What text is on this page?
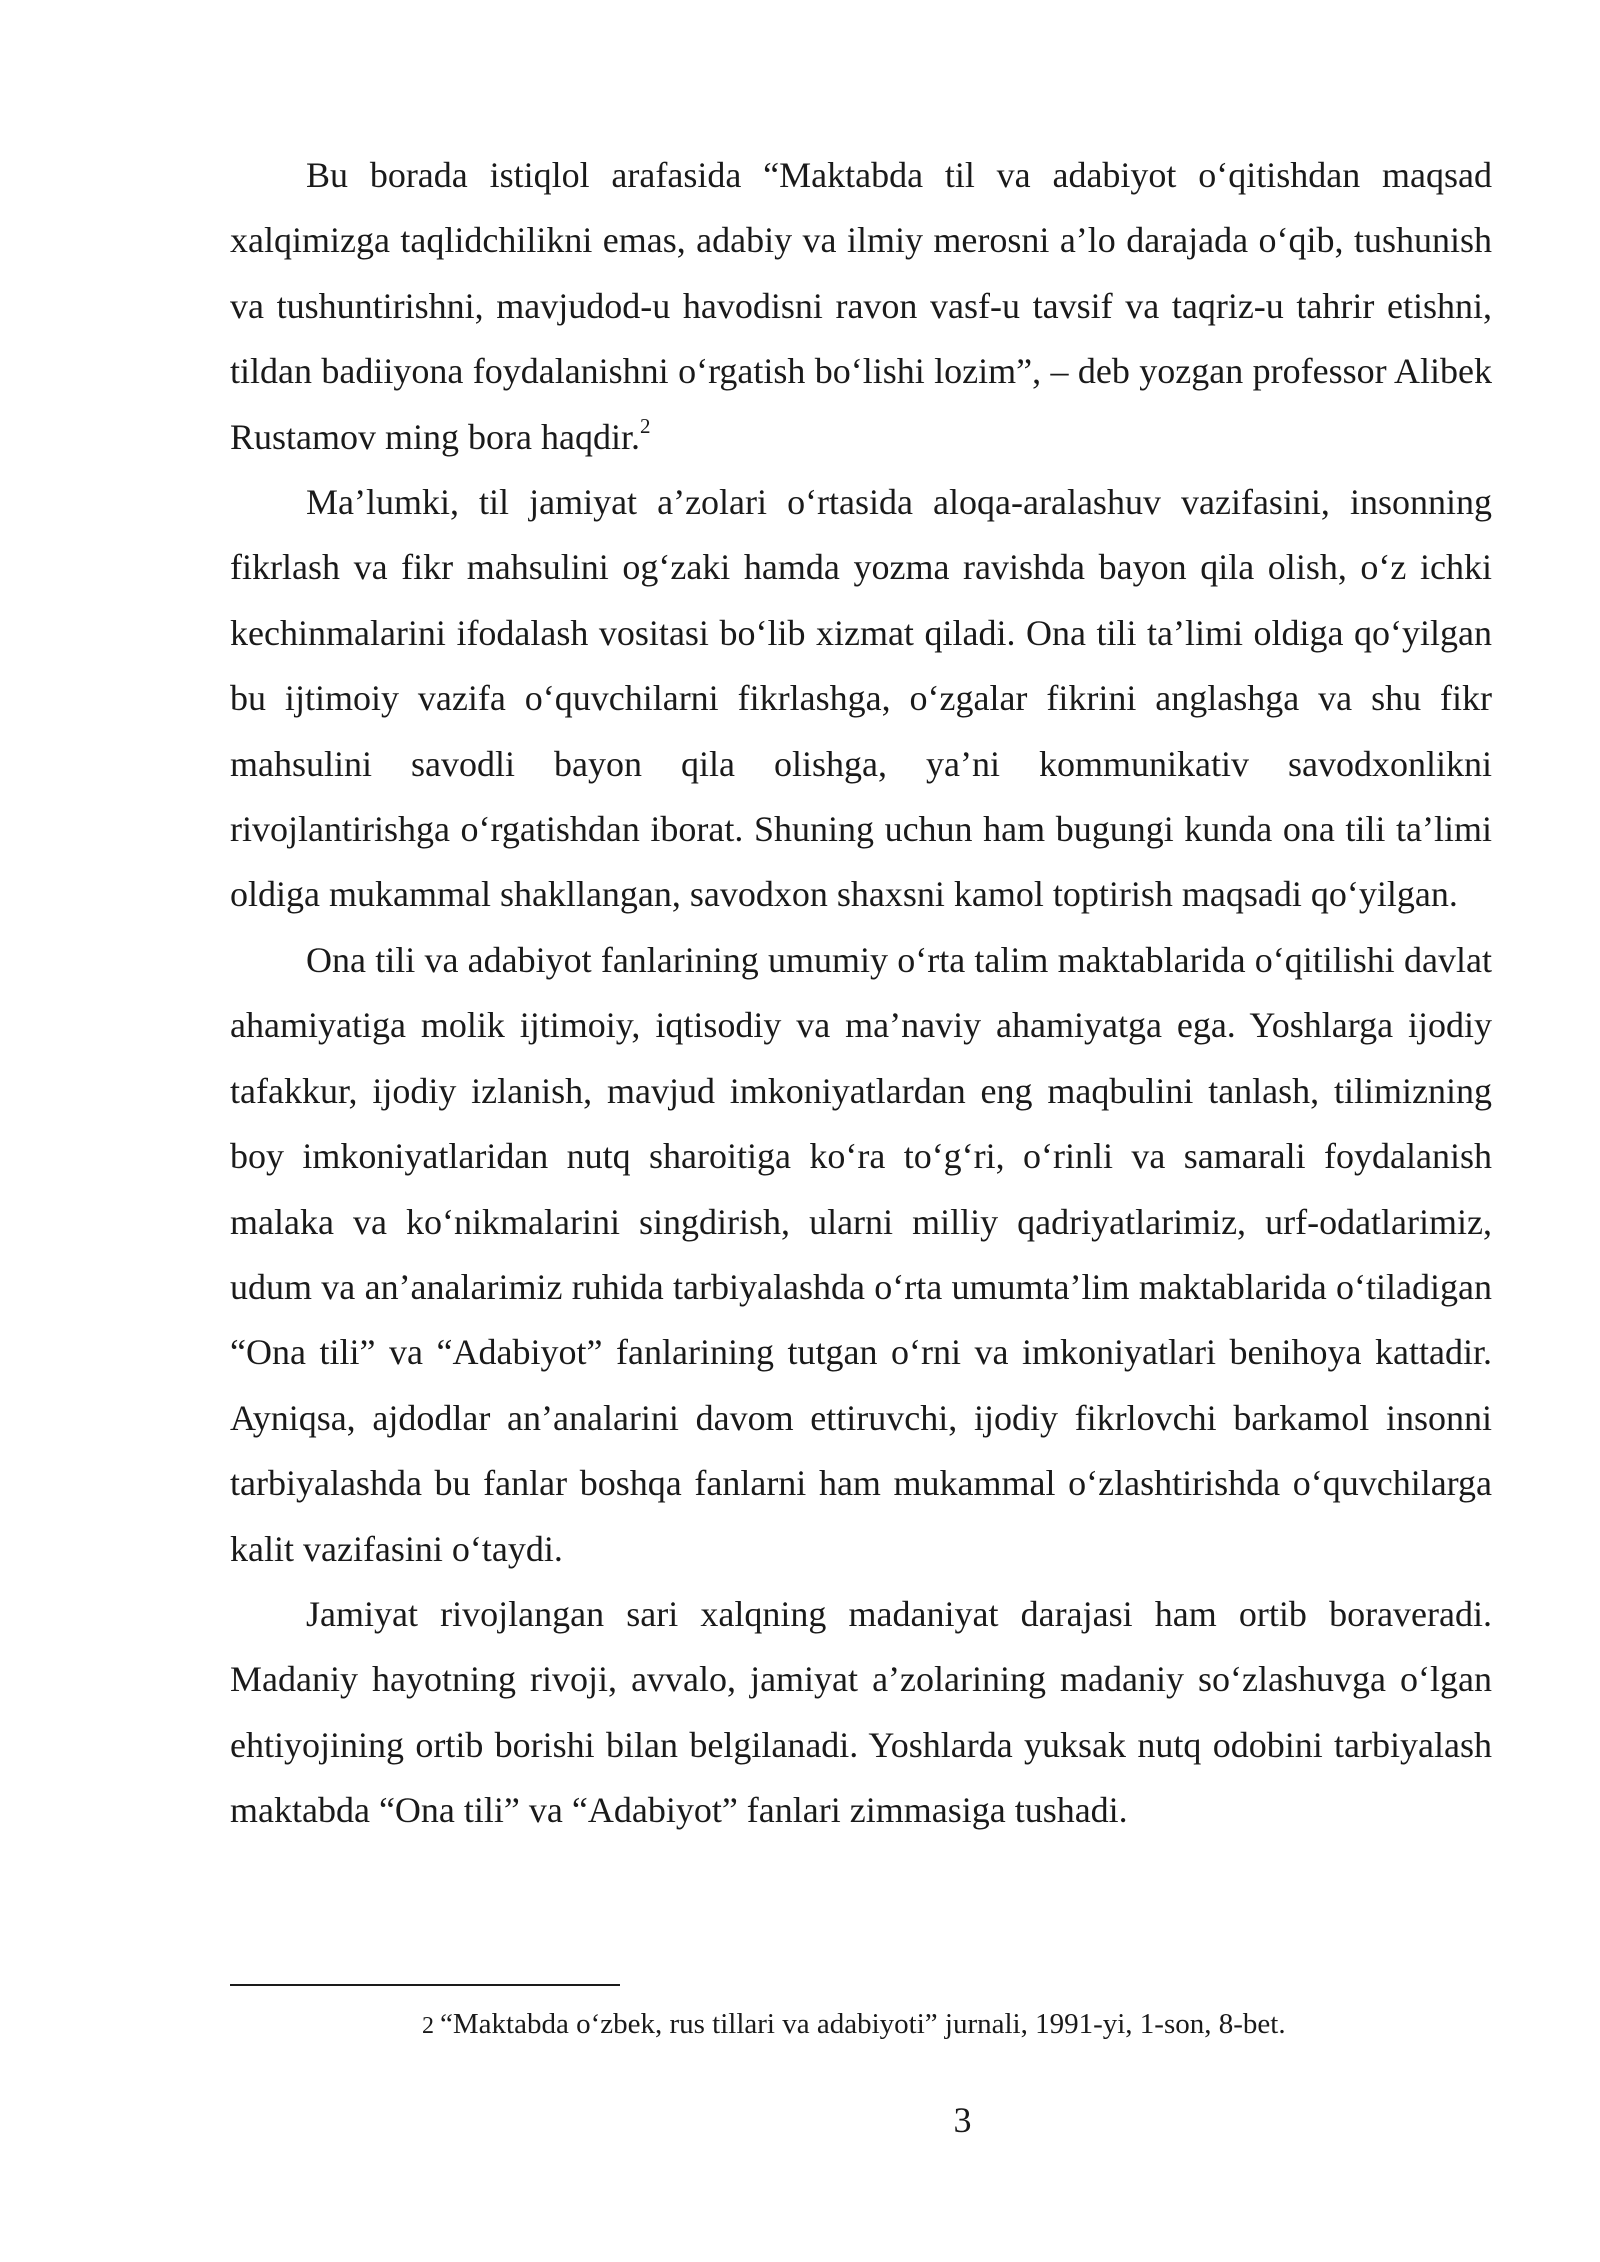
Bu borada istiqlol arafasida “Maktabda til va adabiyot o‘qitishdan maqsad xalqimizga taqlidchilikni emas, adabiy va ilmiy merosni a’lo darajada o‘qib, tushunish va tushuntirishni, mavjudod-u havodisni ravon vasf-u tavsif va taqriz-u tahrir etishni, tildan badiiyona foydalanishni o‘rgatish bo‘lishi lozim”, – deb yozgan professor Alibek Rustamov ming bora haqdir.$^2$

Ma’lumki, til jamiyat a’zolari o‘rtasida aloqa-aralashuv vazifasini, insonning fikrlash va fikr mahsulini og‘zaki hamda yozma ravishda bayon qila olish, o‘z ichki kechinmalarini ifodalash vositasi bo‘lib xizmat qiladi. Ona tili ta’limi oldiga qo‘yilgan bu ijtimoiy vazifa o‘quvchilarni fikrlashga, o‘zgalar fikrini anglashga va shu fikr mahsulini savodli bayon qila olishga, ya’ni kommunikativ savodxonlikni rivojlantirishga o‘rgatishdan iborat. Shuning uchun ham bugungi kunda ona tili ta’limi oldiga mukammal shakllangan, savodxon shaxsni kamol toptirish maqsadi qo‘yilgan.

Ona tili va adabiyot fanlarining umumiy o‘rta talim maktablarida o‘qitilishi davlat ahamiyatiga molik ijtimoiy, iqtisodiy va ma’naviy ahamiyatga ega. Yoshlarga ijodiy tafakkur, ijodiy izlanish, mavjud imkoniyatlardan eng maqbulini tanlash, tilimizning boy imkoniyatlaridan nutq sharoitiga ko‘ra to‘g‘ri, o‘rinli va samarali foydalanish malaka va ko‘nikmalarini singdirish, ularni milliy qadriyatlarimiz, urf-odatlarimiz, udum va an’analarimiz ruhida tarbiyalashda o‘rta umumta’lim maktablarida o‘tiladigan “Ona tili” va “Adabiyot” fanlarining tutgan o‘rni va imkoniyatlari benihoya kattadir. Ayniqsa, ajdodlar an’analarini davom ettiruvchi, ijodiy fikrlovchi barkamol insonni tarbiyalashda bu fanlar boshqa fanlarni ham mukammal o‘zlashtirishda o‘quvchilarga kalit vazifasini o‘taydi.

Jamiyat rivojlangan sari xalqning madaniyat darajasi ham ortib boraveradi. Madaniy hayotning rivoji, avvalo, jamiyat a’zolarining madaniy so‘zlashuvga o‘lgan ehtiyojining ortib borishi bilan belgilanadi. Yoshlarda yuksak nutq odobini tarbiyalash maktabda “Ona tili” va “Adabiyot” fanlari zimmasiga tushadi.

2 “Maktabda o‘zbek, rus tillari va adabiyoti” jurnali, 1991-yi, 1-son, 8-bet.
3
